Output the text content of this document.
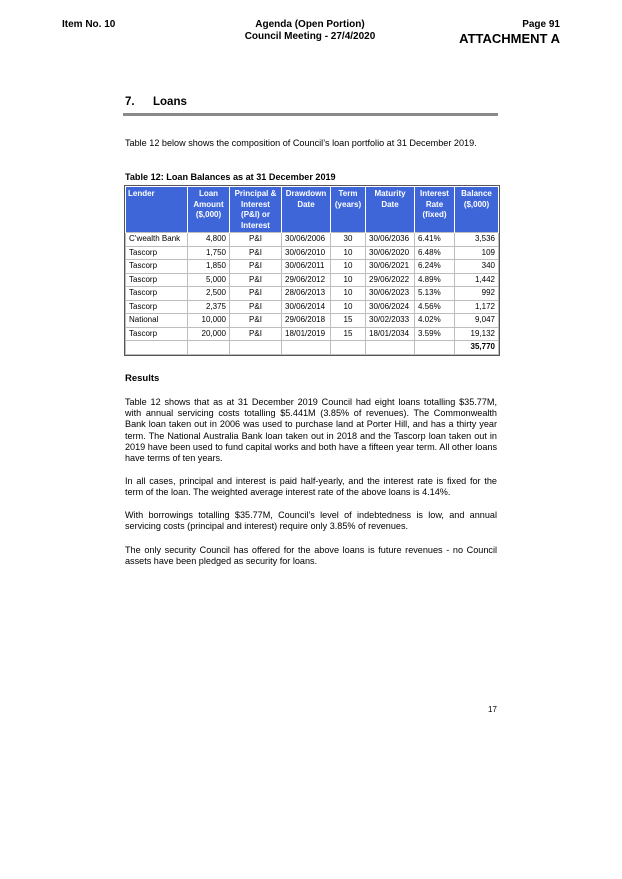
Item No. 10	Agenda (Open Portion)
Council Meeting - 27/4/2020
Page 91
ATTACHMENT A
7. Loans
Table 12 below shows the composition of Council’s loan portfolio at 31 December 2019.
Table 12: Loan Balances as at 31 December 2019
Lender	Loan Amount ($,000)	Principal & Interest (P&I) or Interest	Drawdown Date	Term (years)	Maturity Date	Interest Rate (fixed)	Balance ($,000)
C’wealth Bank	4,800	P&I	30/06/2006	30	30/06/2036	6.41%	3,536
Tascorp	1,750	P&I	30/06/2010	10	30/06/2020	6.48%	109
Tascorp	1,850	P&I	30/06/2011	10	30/06/2021	6.24%	340
Tascorp	5,000	P&I	29/06/2012	10	29/06/2022	4.89%	1,442
Tascorp	2,500	P&I	28/06/2013	10	30/06/2023	5.13%	992
Tascorp	2,375	P&I	30/06/2014	10	30/06/2024	4.56%	1,172
National	10,000	P&I	29/06/2018	15	30/02/2033	4.02%	9,047
Tascorp	20,000	P&I	18/01/2019	15	18/01/2034	3.59%	19,132
							35,770
Results
Table 12 shows that as at 31 December 2019 Council had eight loans totalling $35.77M, with annual servicing costs totalling $5.441M (3.85% of revenues). The Commonwealth Bank loan taken out in 2006 was used to purchase land at Porter Hill, and has a thirty year term. The National Australia Bank loan taken out in 2018 and the Tascorp loan taken out in 2019 have been used to fund capital works and both have a fifteen year term. All other loans have terms of ten years.
In all cases, principal and interest is paid half-yearly, and the interest rate is fixed for the term of the loan. The weighted average interest rate of the above loans is 4.14%.
With borrowings totalling $35.77M, Council’s level of indebtedness is low, and annual servicing costs (principal and interest) require only 3.85% of revenues.
The only security Council has offered for the above loans is future revenues - no Council assets have been pledged as security for loans.
17
